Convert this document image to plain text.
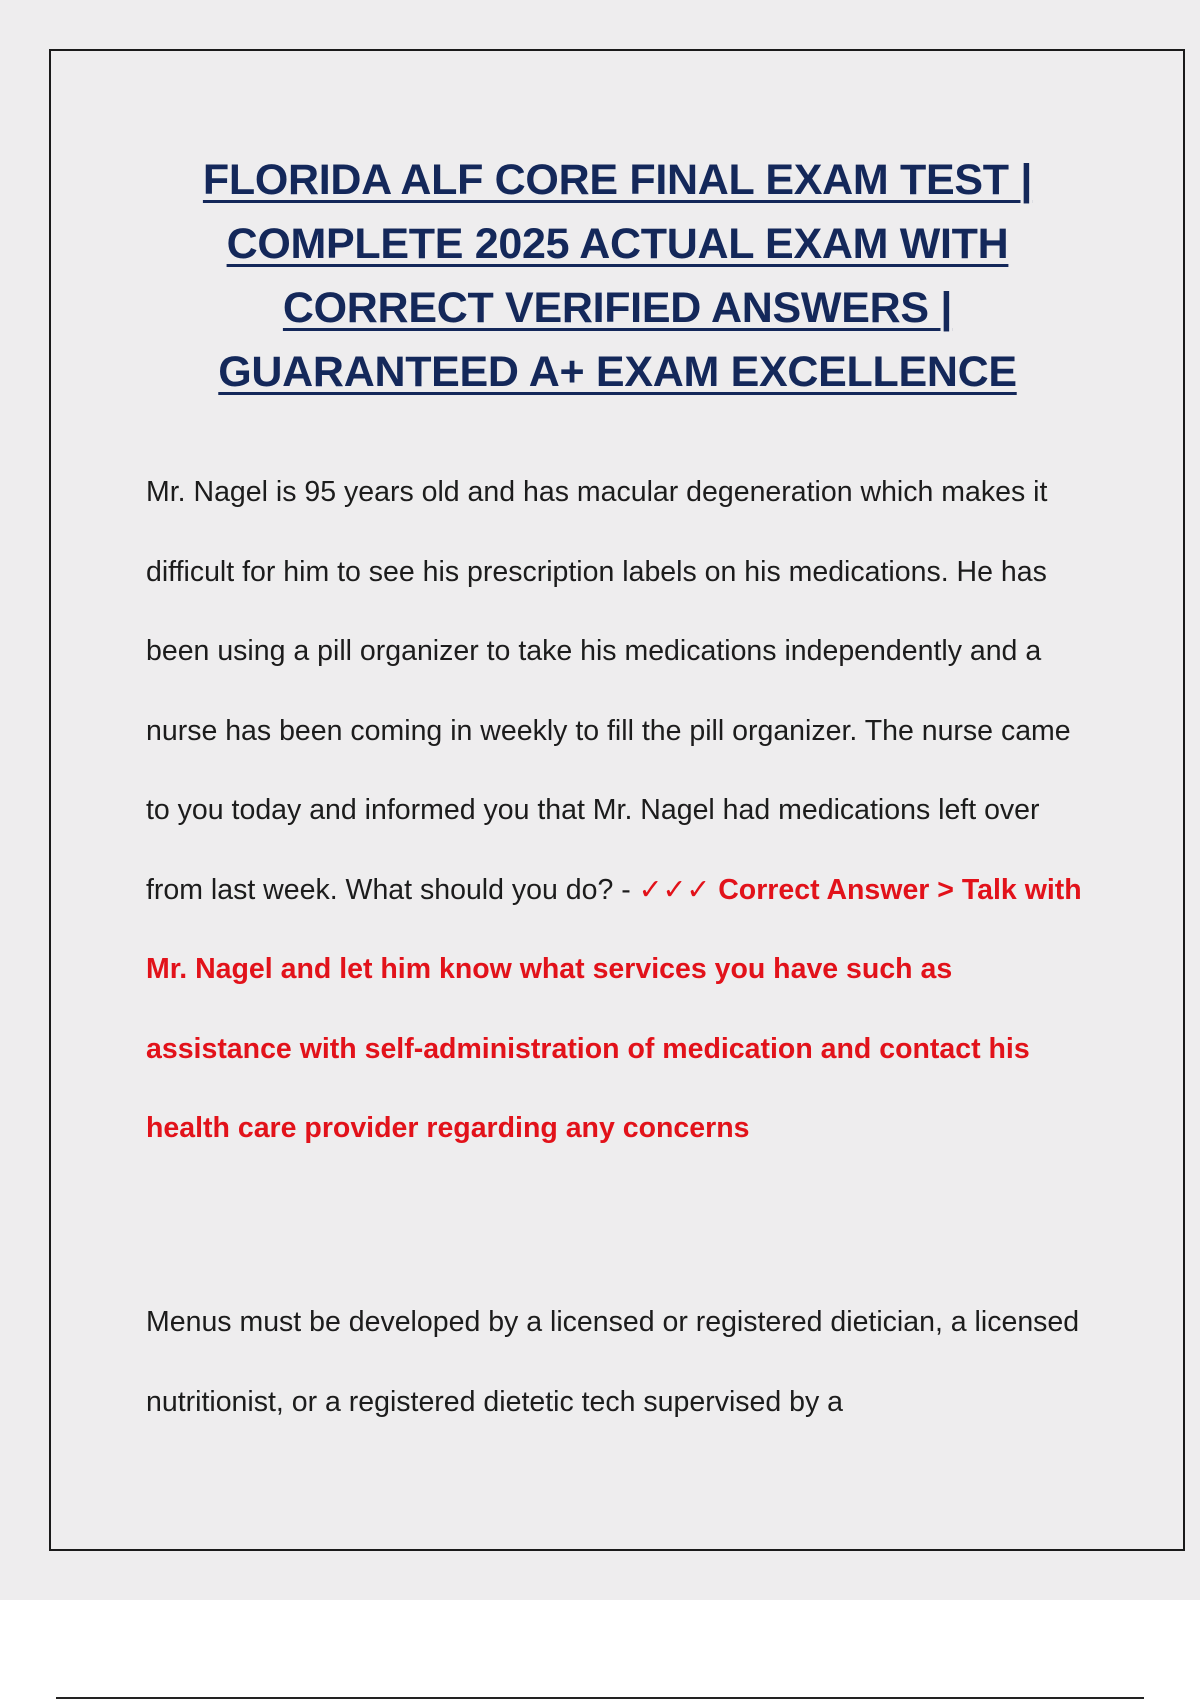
FLORIDA ALF CORE FINAL EXAM TEST | COMPLETE 2025 ACTUAL EXAM WITH CORRECT VERIFIED ANSWERS | GUARANTEED A+ EXAM EXCELLENCE

Mr. Nagel is 95 years old and has macular degeneration which makes it difficult for him to see his prescription labels on his medications. He has been using a pill organizer to take his medications independently and a nurse has been coming in weekly to fill the pill organizer. The nurse came to you today and informed you that Mr. Nagel had medications left over from last week. What should you do? - ✓✓✓ Correct Answer > Talk with Mr. Nagel and let him know what services you have such as assistance with self-administration of medication and contact his health care provider regarding any concerns

Menus must be developed by a licensed or registered dietician, a licensed nutritionist, or a registered dietetic tech supervised by a
